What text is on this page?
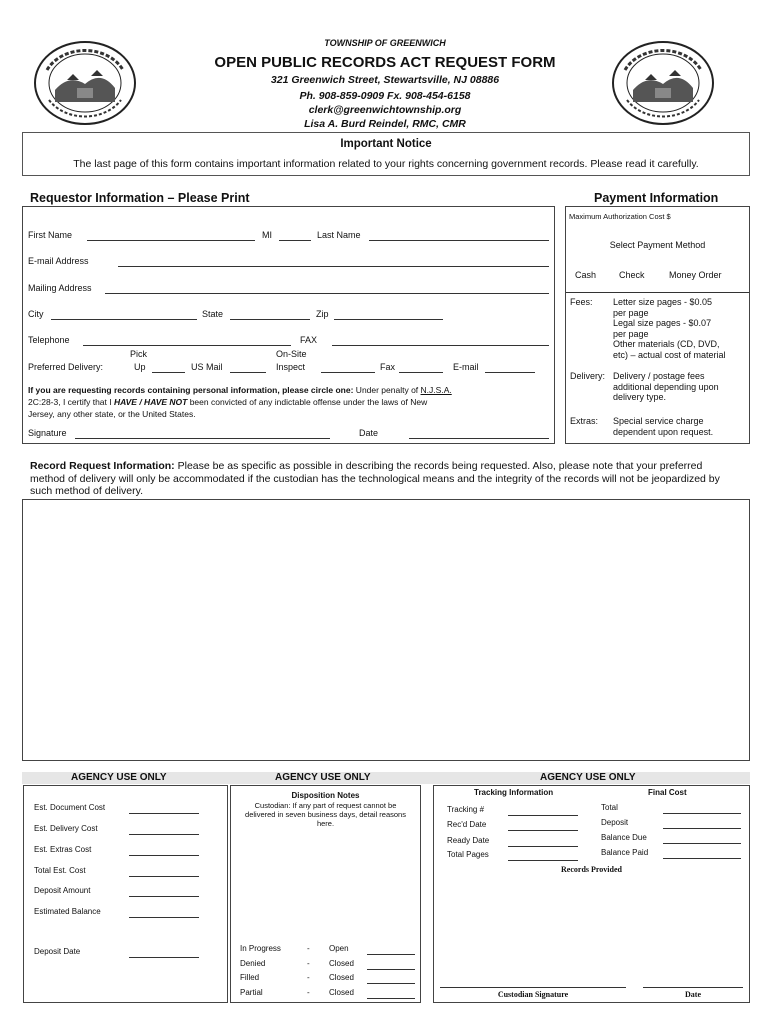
TOWNSHIP OF GREENWICH
OPEN PUBLIC RECORDS ACT REQUEST FORM
321 Greenwich Street, Stewartsville, NJ 08886
Ph. 908-859-0909 Fx. 908-454-6158
clerk@greenwichtownship.org
Lisa A. Burd Reindel, RMC, CMR
Important Notice
The last page of this form contains important information related to your rights concerning government records. Please read it carefully.
Requestor Information – Please Print
First Name	MI	Last Name
E-mail Address
Mailing Address
City	State	Zip
Telephone	FAX
Pick	On-Site
Preferred Delivery:	Up	US Mail	Inspect	Fax	E-mail
If you are requesting records containing personal information, please circle one: Under penalty of N.J.S.A.
2C:28-3, I certify that I HAVE / HAVE NOT been convicted of any indictable offense under the laws of New
Jersey, any other state, or the United States.
Signature	Date
Payment Information
Maximum Authorization Cost $
Select Payment Method
Cash	Check	Money Order
Fees: Letter size pages - $0.05
per page
Legal size pages - $0.07
per page
Other materials (CD, DVD,
etc) – actual cost of material
Delivery: Delivery / postage fees
additional depending upon
delivery type.
Extras: Special service charge
dependent upon request.
Record Request Information: Please be as specific as possible in describing the records being requested. Also, please note that your preferred method of delivery will only be accommodated if the custodian has the technological means and the integrity of the records will not be jeopardized by such method of delivery.
AGENCY USE ONLY	AGENCY USE ONLY	AGENCY USE ONLY
Est. Document Cost
Est. Delivery Cost
Est. Extras Cost
Total Est. Cost
Deposit Amount
Estimated Balance
Deposit Date
Disposition Notes
Custodian: If any part of request cannot be delivered in seven business days, detail reasons here.
In Progress	- Open
Denied	- Closed
Filled	- Closed
Partial	- Closed
Tracking Information	Final Cost
Tracking #
Rec'd Date
Ready Date
Total Pages
Total
Deposit
Balance Due
Balance Paid
Records Provided
Custodian Signature	Date
